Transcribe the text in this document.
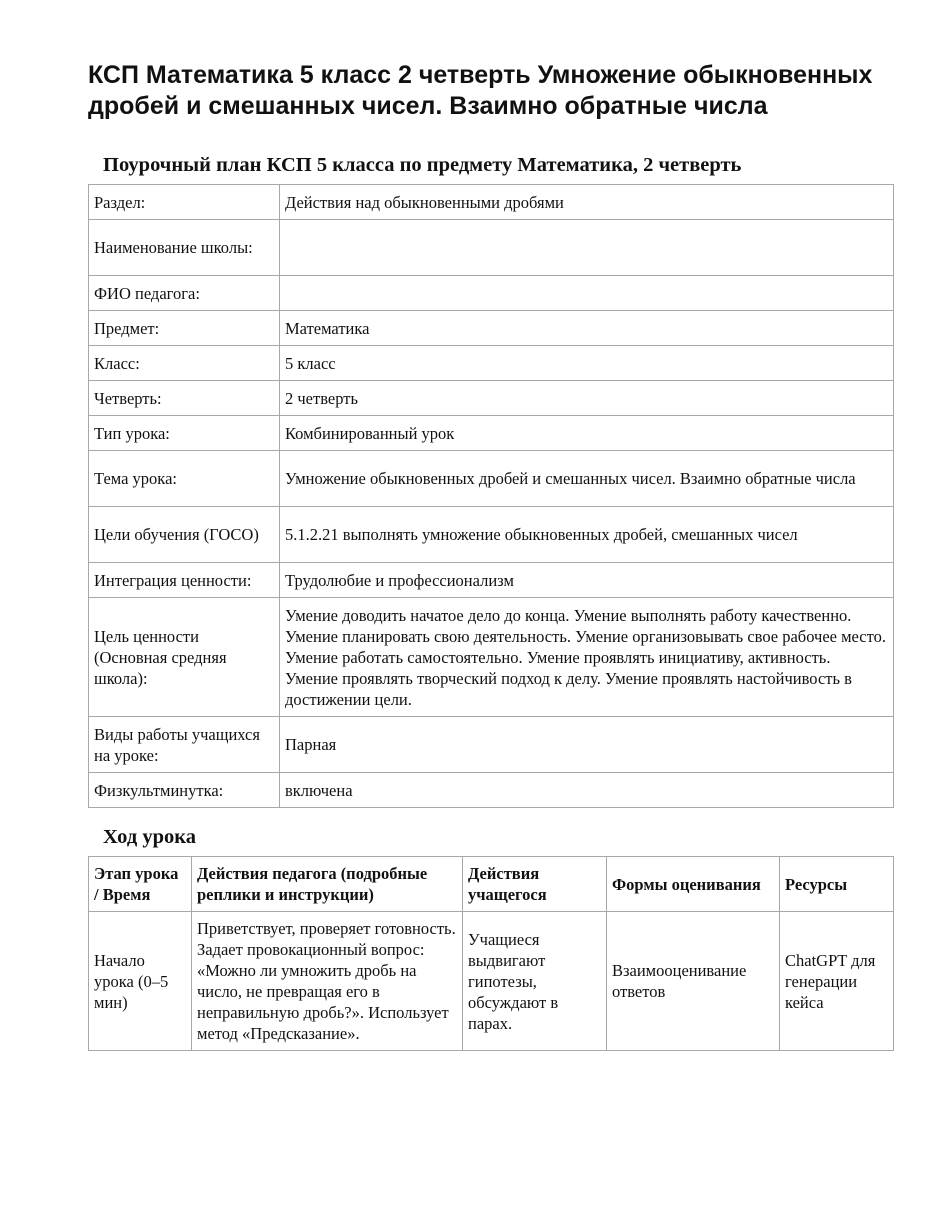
КСП Математика 5 класс 2 четверть Умножение обыкновенных дробей и смешанных чисел. Взаимно обратные числа
Поурочный план КСП 5 класса по предмету Математика, 2 четверть
Раздел:	Действия над обыкновенными дробями
Наименование школы:	
ФИО педагога:	
Предмет:	Математика
Класс:	5 класс
Четверть:	2 четверть
Тип урока:	Комбинированный урок
Тема урока:	Умножение обыкновенных дробей и смешанных чисел. Взаимно обратные числа
Цели обучения (ГОСО)	5.1.2.21 выполнять умножение обыкновенных дробей, смешанных чисел
Интеграция ценности:	Трудолюбие и профессионализм
Цель ценности (Основная средняя школа):	Умение доводить начатое дело до конца. Умение выполнять работу качественно. Умение планировать свою деятельность. Умение организовывать свое рабочее место. Умение работать самостоятельно. Умение проявлять инициативу, активность. Умение проявлять творческий подход к делу. Умение проявлять настойчивость в достижении цели.
Виды работы учащихся на уроке:	Парная
Физкультминутка:	включена
Ход урока
Этап урока / Время	Действия педагога (подробные реплики и инструкции)	Действия учащегося	Формы оценивания	Ресурсы
Начало урока (0–5 мин)	Приветствует, проверяет готовность. Задает провокационный вопрос: «Можно ли умножить дробь на число, не превращая его в неправильную дробь?». Использует метод «Предсказание».	Учащиеся выдвигают гипотезы, обсуждают в парах.	Взаимооценивание ответов	ChatGPT для генерации кейса
